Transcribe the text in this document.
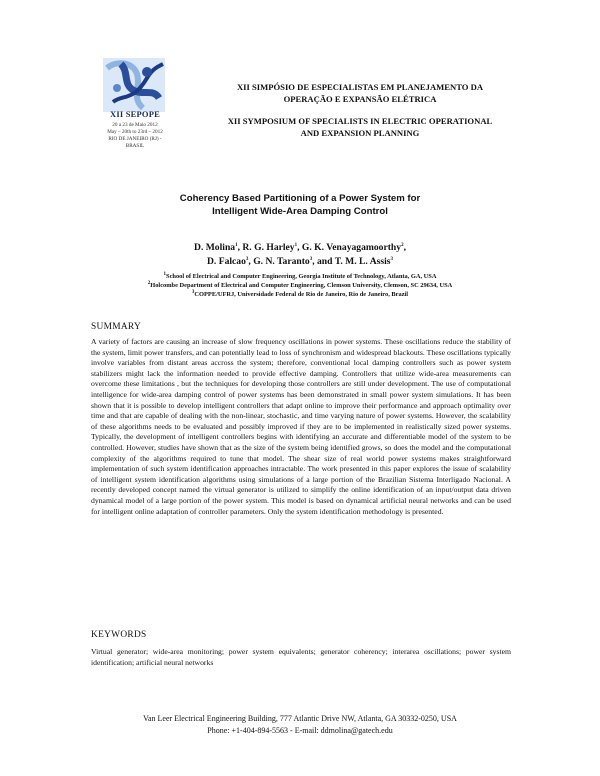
XII SEPOPE
20 a 23 de Maio 2012
May – 20th to 23rd – 2012
RIO DE JANEIRO (RJ) -
BRASIL
XII SIMPÓSIO DE ESPECIALISTAS EM PLANEJAMENTO DA
OPERAÇÃO E EXPANSÃO ELÉTRICA
XII SYMPOSIUM OF SPECIALISTS IN ELECTRIC OPERATIONAL
AND EXPANSION PLANNING
Coherency Based Partitioning of a Power System for
Intelligent Wide-Area Damping Control
D. Molina$^1$, R. G. Harley$^1$, G. K. Venayagamoorthy$^2$,
D. Falcao$^3$, G. N. Taranto$^3$, and T. M. L. Assis$^3$
$^1$School of Electrical and Computer Engineering, Georgia Institute of Technology, Atlanta, GA, USA
$^2$Holcombe Department of Electrical and Computer Engineering, Clemson University, Clemson, SC 29634, USA
$^3$COPPE/UFRJ, Universidade Federal de Rio de Janeiro, Rio de Janeiro, Brazil
SUMMARY

A variety of factors are causing an increase of slow frequency oscillations in power systems. These oscillations reduce the stability of the system, limit power transfers, and can potentially lead to loss of synchronism and widespread blackouts. These oscillations typically involve variables from distant areas accross the system; therefore, conventional local damping controllers such as power system stabilizers might lack the information needed to provide effective damping. Controllers that utilize wide-area measurements can overcome these limitations , but the techniques for developing those controllers are still under development. The use of computational intelligence for wide-area damping control of power systems has been demonstrated in small power system simulations. It has been shown that it is possible to develop intelligent controllers that adapt online to improve their performance and approach optimality over time and that are capable of dealing with the non-linear, stochastic, and time varying nature of power systems. However, the scalability of these algorithms needs to be evaluated and possibly improved if they are to be implemented in realistically sized power systems. Typically, the development of intelligent controllers begins with identifying an accurate and differentiable model of the system to be controlled. However, studies have shown that as the size of the system being identified grows, so does the model and the computational complexity of the algorithms required to tune that model. The shear size of real world power systems makes straightforward implementation of such system identification approaches intractable. The work presented in this paper explores the issue of scalability of intelligent system identification algorithms using simulations of a large portion of the Brazilian Sistema Interligado Nacional. A recently developed concept named the virtual generator is utilized to simplify the online identification of an input/output data driven dynamical model of a large portion of the power system. This model is based on dynamical artificial neural networks and can be used for intelligent online adaptation of controller parameters. Only the system identification methodology is presented.

KEYWORDS

Virtual generator; wide-area monitoring; power system equivalents; generator coherency; interarea oscillations; power system identification; artificial neural networks

Van Leer Electrical Engineering Building, 777 Atlantic Drive NW, Atlanta, GA 30332-0250, USA
Phone: +1-404-894-5563 - E-mail: ddmolina@gatech.edu
